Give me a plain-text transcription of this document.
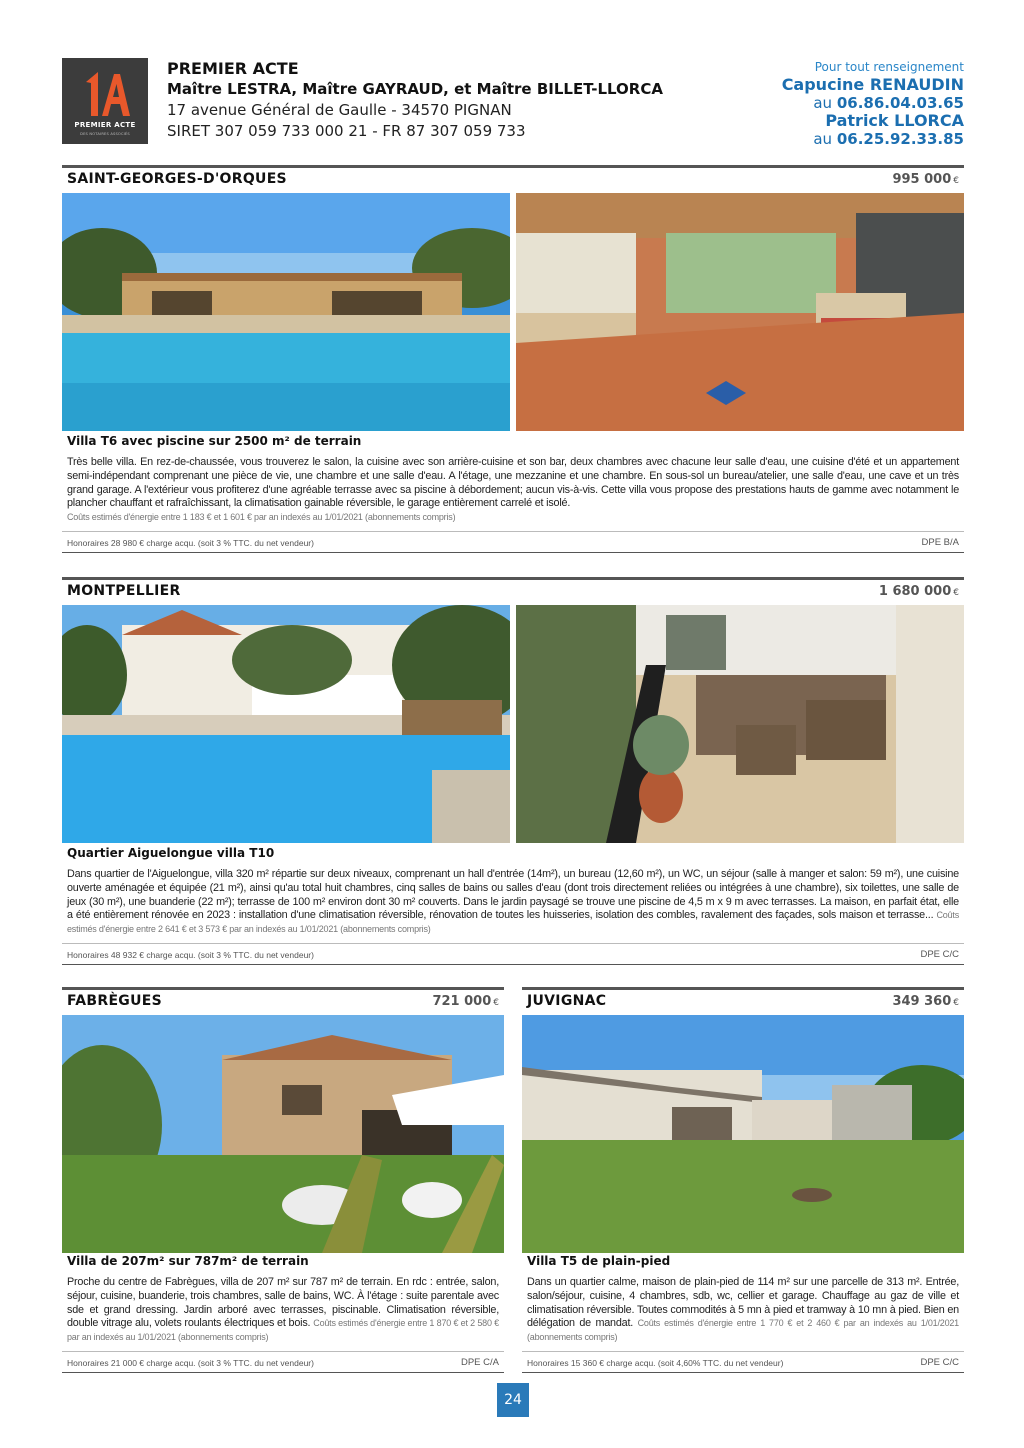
PREMIER ACTE
DES NOTAIRES ASSOCIÉS
PREMIER ACTE
Maître LESTRA, Maître GAYRAUD, et Maître BILLET-LLORCA
17 avenue Général de Gaulle - 34570 PIGNAN
SIRET 307 059 733 000 21 - FR 87 307 059 733
Pour tout renseignement
Capucine RENAUDIN
au 06.86.04.03.65
Patrick LLORCA
au 06.25.92.33.85
SAINT-GEORGES-D'ORQUES	995 000 €
Villa T6 avec piscine sur 2500 m² de terrain
Très belle villa. En rez-de-chaussée, vous trouverez le salon, la cuisine avec son arrière-cuisine et son bar, deux chambres avec chacune leur salle d'eau, une cuisine d'été et un appartement semi-indépendant comprenant une pièce de vie, une chambre et une salle d'eau. A l'étage, une mezzanine et une chambre. En sous-sol un bureau/atelier, une salle d'eau, une cave et un très grand garage. A l'extérieur vous profiterez d'une agréable terrasse avec sa piscine à débordement; aucun vis-à-vis. Cette villa vous propose des prestations hauts de gamme avec notamment le plancher chauffant et rafraîchissant, la climatisation gainable réversible, le garage entièrement carrelé et isolé.
Coûts estimés d'énergie entre 1 183 € et 1 601 € par an indexés au 1/01/2021 (abonnements compris)
Honoraires 28 980 € charge acqu. (soit 3 % TTC. du net vendeur)	DPE B/A
MONTPELLIER	1 680 000 €
Quartier Aiguelongue villa T10
Dans quartier de l'Aiguelongue, villa 320 m² répartie sur deux niveaux, comprenant un hall d'entrée (14m²), un bureau (12,60 m²), un WC, un séjour (salle à manger et salon: 59 m²), une cuisine ouverte aménagée et équipée (21 m²), ainsi qu'au total huit chambres, cinq salles de bains ou salles d'eau (dont trois directement reliées ou intégrées à une chambre), six toilettes, une salle de jeux (30 m²), une buanderie (22 m²); terrasse de 100 m² environ dont 30 m² couverts. Dans le jardin paysagé se trouve une piscine de 4,5 m x 9 m avec terrasses. La maison, en parfait état, elle a été entièrement rénovée en 2023 : installation d'une climatisation réversible, rénovation de toutes les huisseries, isolation des combles, ravalement des façades, sols maison et terrasse... Coûts estimés d'énergie entre 2 641 € et 3 573 € par an indexés au 1/01/2021 (abonnements compris)
Honoraires 48 932 € charge acqu. (soit 3 % TTC. du net vendeur)	DPE C/C
FABRÈGUES	721 000 €
Villa de 207m² sur 787m² de terrain
Proche du centre de Fabrègues, villa de 207 m² sur 787 m² de terrain. En rdc : entrée, salon, séjour, cuisine, buanderie, trois chambres, salle de bains, WC. À l'étage : suite parentale avec sde et grand dressing. Jardin arboré avec terrasses, piscinable. Climatisation réversible, double vitrage alu, volets roulants électriques et bois. Coûts estimés d'énergie entre 1 870 € et 2 580 € par an indexés au 1/01/2021 (abonnements compris)
Honoraires 21 000 € charge acqu. (soit 3 % TTC. du net vendeur)	DPE C/A
JUVIGNAC	349 360 €
Villa T5 de plain-pied
Dans un quartier calme, maison de plain-pied de 114 m² sur une parcelle de 313 m². Entrée, salon/séjour, cuisine, 4 chambres, sdb, wc, cellier et garage. Chauffage au gaz de ville et climatisation réversible. Toutes commodités à 5 mn à pied et tramway à 10 mn à pied. Bien en délégation de mandat. Coûts estimés d'énergie entre 1 770 € et 2 460 € par an indexés au 1/01/2021 (abonnements compris)
Honoraires 15 360 € charge acqu. (soit 4,60% TTC. du net vendeur)	DPE C/C
24
